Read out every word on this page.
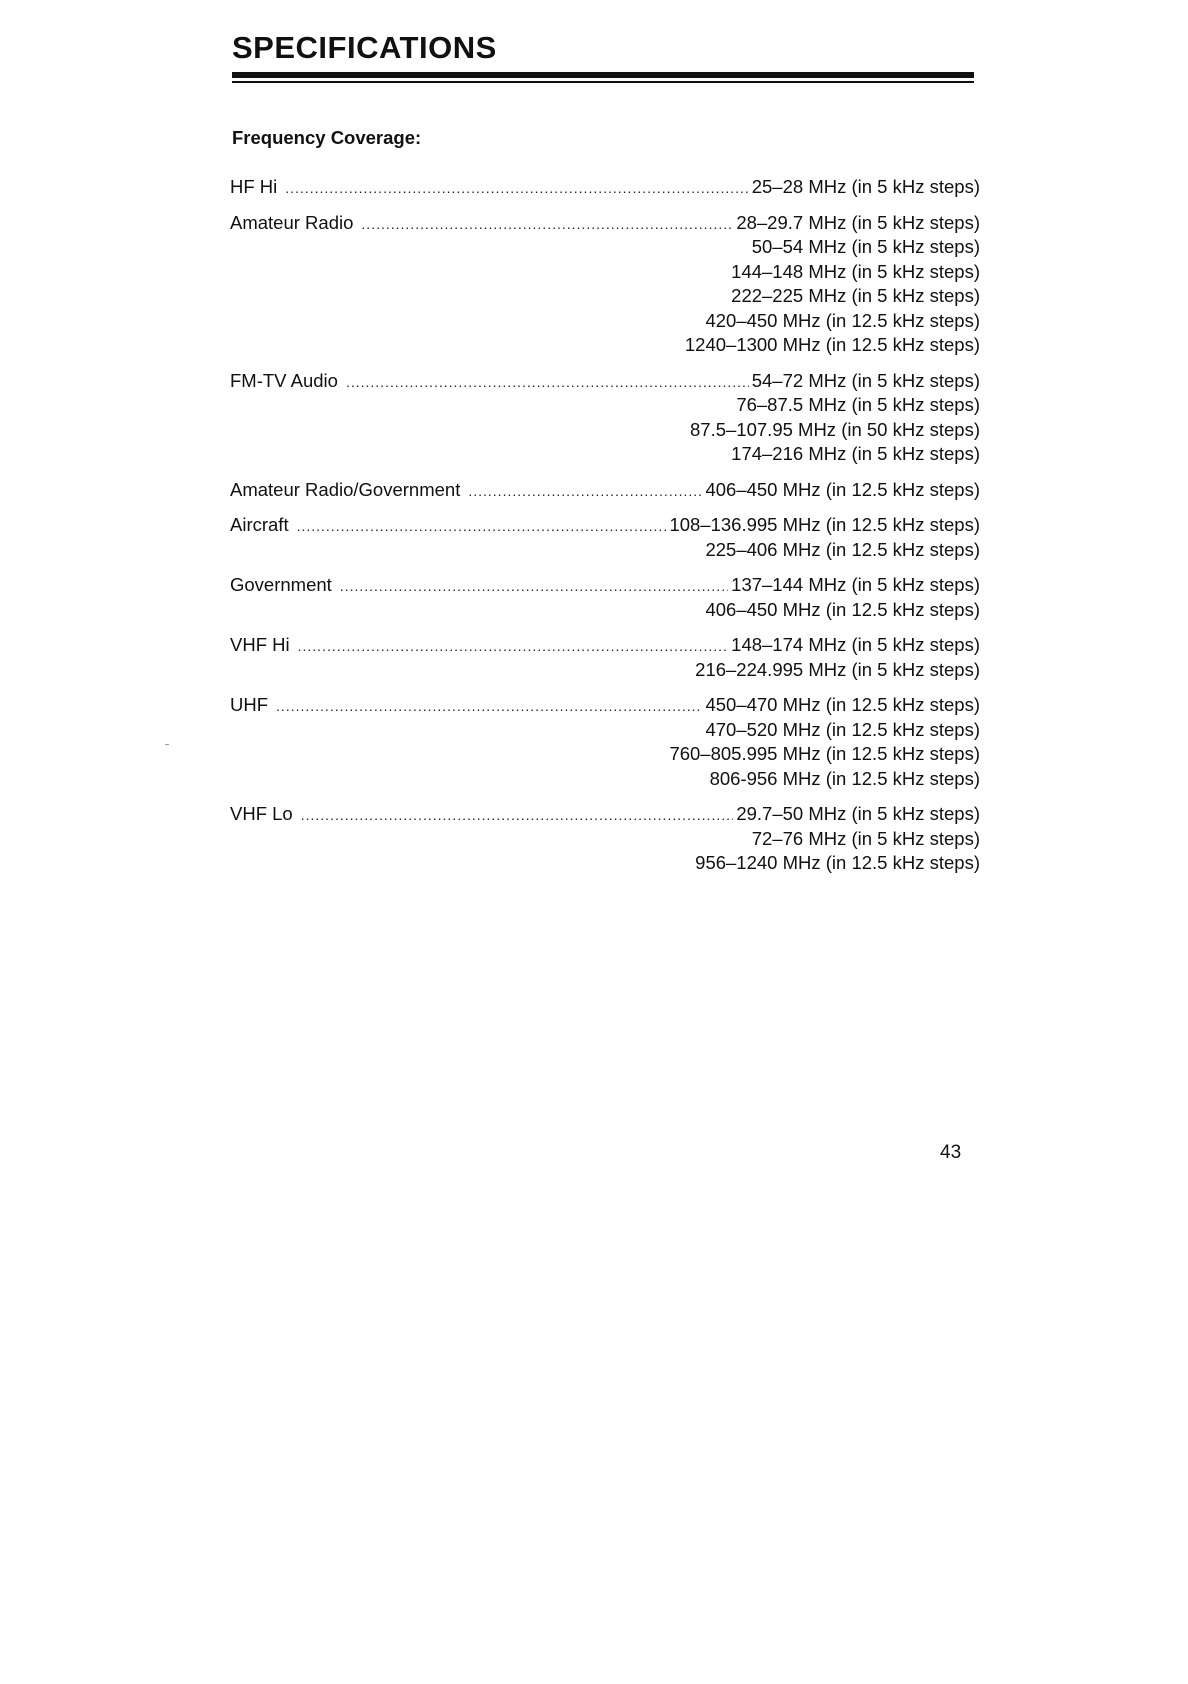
SPECIFICATIONS
Frequency Coverage:
HF Hi .....	25–28 MHz (in 5 kHz steps)
Amateur Radio .....	28–29.7 MHz (in 5 kHz steps)
50–54 MHz (in 5 kHz steps)
144–148 MHz (in 5 kHz steps)
222–225 MHz (in 5 kHz steps)
420–450 MHz (in 12.5 kHz steps)
1240–1300 MHz (in 12.5 kHz steps)
FM-TV Audio .....	54–72 MHz (in 5 kHz steps)
76–87.5 MHz (in 5 kHz steps)
87.5–107.95 MHz (in 50 kHz steps)
174–216 MHz (in 5 kHz steps)
Amateur Radio/Government .....	406–450 MHz (in 12.5 kHz steps)
Aircraft .....	108–136.995 MHz (in 12.5 kHz steps)
225–406 MHz (in 12.5 kHz steps)
Government .....	137–144 MHz (in 5 kHz steps)
406–450 MHz (in 12.5 kHz steps)
VHF Hi .....	148–174 MHz (in 5 kHz steps)
216–224.995 MHz (in 5 kHz steps)
UHF .....	450–470 MHz (in 12.5 kHz steps)
470–520 MHz (in 12.5 kHz steps)
760–805.995 MHz (in 12.5 kHz steps)
806-956 MHz (in 12.5 kHz steps)
VHF Lo .....	29.7–50 MHz (in 5 kHz steps)
72–76 MHz (in 5 kHz steps)
956–1240 MHz (in 12.5 kHz steps)
43
